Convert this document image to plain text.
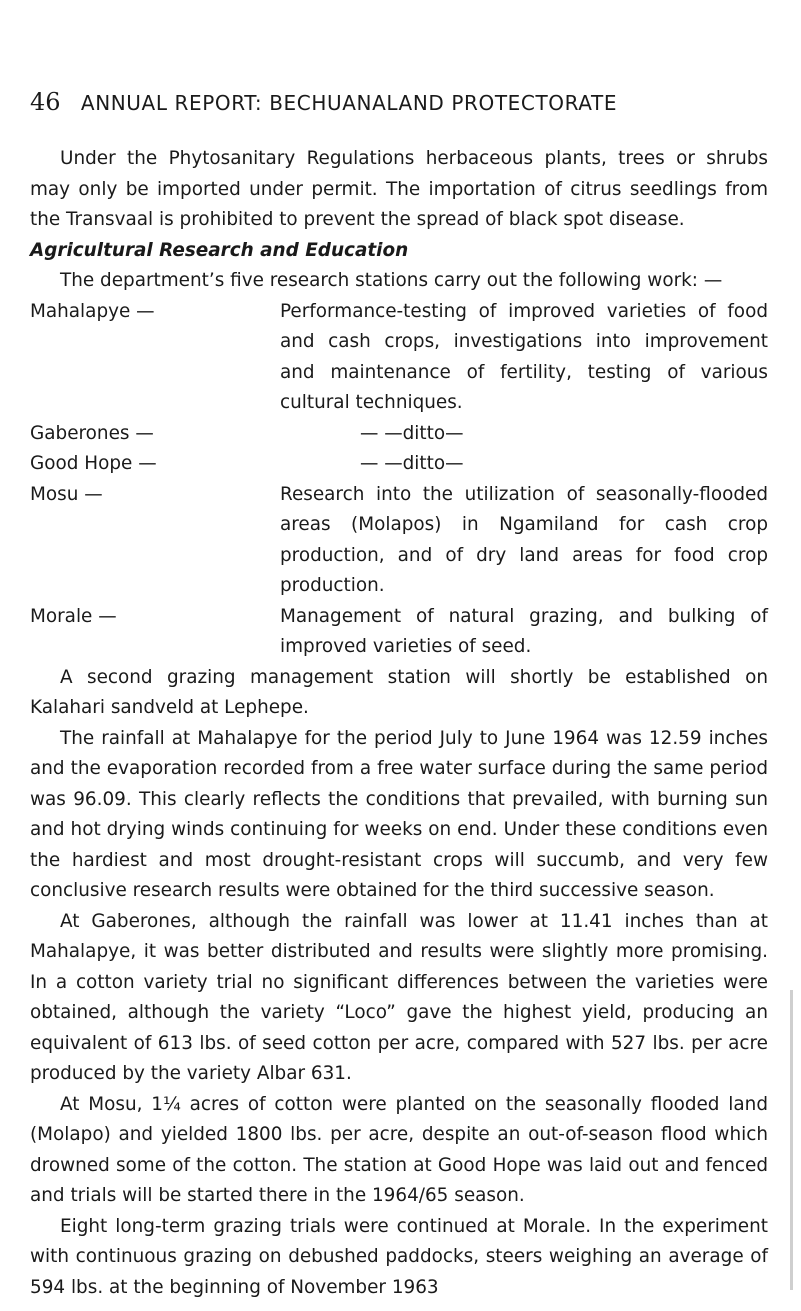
46 ANNUAL REPORT: BECHUANALAND PROTECTORATE

Under the Phytosanitary Regulations herbaceous plants, trees or shrubs may only be imported under permit. The importation of citrus seedlings from the Transvaal is prohibited to prevent the spread of black spot disease.

Agricultural Research and Education

The department’s five research stations carry out the following work: —

Mahalapye —	Performance-testing of improved varieties of food and cash crops, investigations into improvement and maintenance of fertility, testing of various cultural techniques.
Gaberones —	— —ditto—
Good Hope —	— —ditto—
Mosu —	Research into the utilization of seasonally-flooded areas (Molapos) in Ngamiland for cash crop production, and of dry land areas for food crop production.
Morale —	Management of natural grazing, and bulking of improved varieties of seed.

A second grazing management station will shortly be established on Kalahari sandveld at Lephepe.

The rainfall at Mahalapye for the period July to June 1964 was 12.59 inches and the evaporation recorded from a free water surface during the same period was 96.09. This clearly reflects the conditions that prevailed, with burning sun and hot drying winds continuing for weeks on end. Under these conditions even the hardiest and most drought-resistant crops will succumb, and very few conclusive research results were obtained for the third successive season.

At Gaberones, although the rainfall was lower at 11.41 inches than at Mahalapye, it was better distributed and results were slightly more promising. In a cotton variety trial no significant differences between the varieties were obtained, although the variety “Loco” gave the highest yield, producing an equivalent of 613 lbs. of seed cotton per acre, compared with 527 lbs. per acre produced by the variety Albar 631.

At Mosu, 1¼ acres of cotton were planted on the seasonally flooded land (Molapo) and yielded 1800 lbs. per acre, despite an out-of-season flood which drowned some of the cotton. The station at Good Hope was laid out and fenced and trials will be started there in the 1964/65 season.

Eight long-term grazing trials were continued at Morale. In the experiment with continuous grazing on debushed paddocks, steers weighing an average of 594 lbs. at the beginning of November 1963
